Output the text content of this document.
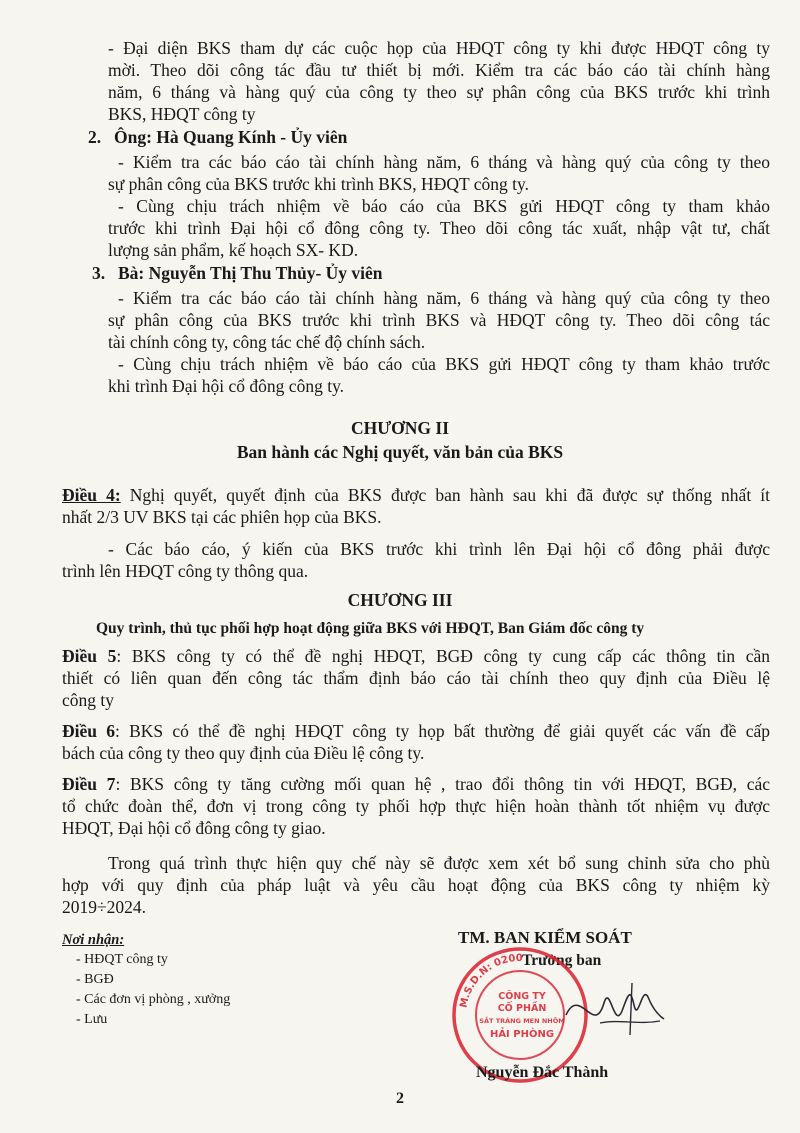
- Đại diện BKS tham dự các cuộc họp của HĐQT công ty khi được HĐQT công ty

mời. Theo dõi công tác đầu tư thiết bị mới. Kiểm tra các báo cáo tài chính hàng

năm, 6 tháng và hàng quý của công ty theo sự phân công của BKS trước khi trình

BKS, HĐQT công ty

2. Ông: Hà Quang Kính - Ủy viên

- Kiểm tra các báo cáo tài chính hàng năm, 6 tháng và hàng quý của công ty theo

sự phân công của BKS trước khi trình BKS, HĐQT công ty.

- Cùng chịu trách nhiệm về báo cáo của BKS gửi HĐQT công ty tham khảo

trước khi trình Đại hội cổ đông công ty. Theo dõi công tác xuất, nhập vật tư, chất

lượng sản phẩm, kế hoạch SX- KD.

3. Bà: Nguyễn Thị Thu Thủy- Ủy viên

- Kiểm tra các báo cáo tài chính hàng năm, 6 tháng và hàng quý của công ty theo

sự phân công của BKS trước khi trình BKS và HĐQT công ty. Theo dõi công tác

tài chính công ty, công tác chế độ chính sách.

- Cùng chịu trách nhiệm về báo cáo của BKS gửi HĐQT công ty tham khảo trước

khi trình Đại hội cổ đông công ty.

CHƯƠNG II

Ban hành các Nghị quyết, văn bản của BKS

Điều 4: Nghị quyết, quyết định của BKS được ban hành sau khi đã được sự thống nhất ít

nhất 2/3 UV BKS tại các phiên họp của BKS.

- Các báo cáo, ý kiến của BKS trước khi trình lên Đại hội cổ đông phải được

trình lên HĐQT công ty thông qua.

CHƯƠNG III

Quy trình, thủ tục phối hợp hoạt động giữa BKS với HĐQT, Ban Giám đốc công ty

Điều 5: BKS công ty có thể đề nghị HĐQT, BGĐ công ty cung cấp các thông tin cần

thiết có liên quan đến công tác thẩm định báo cáo tài chính theo quy định của Điều lệ

công ty

Điều 6: BKS có thể đề nghị HĐQT công ty họp bất thường để giải quyết các vấn đề cấp

bách của công ty theo quy định của Điều lệ công ty.

Điều 7: BKS công ty tăng cường mối quan hệ , trao đổi thông tin với HĐQT, BGĐ, các

tổ chức đoàn thể, đơn vị trong công ty phối hợp thực hiện hoàn thành tốt nhiệm vụ được

HĐQT, Đại hội cổ đông công ty giao.

Trong quá trình thực hiện quy chế này sẽ được xem xét bổ sung chỉnh sửa cho phù

hợp với quy định của pháp luật và yêu cầu hoạt động của BKS công ty nhiệm kỳ

2019÷2024.

Nơi nhận:
- HĐQT công ty
- BGĐ
- Các đơn vị phòng , xưởng
- Lưu
TM. BAN KIỂM SOÁT
Trưởng ban
M.S.D.N: 0200
CÔNG TY
CỔ PHẦN
SẮT TRÁNG MEN NHÔM
HẢI PHÒNG
Nguyễn Đắc Thành
2
